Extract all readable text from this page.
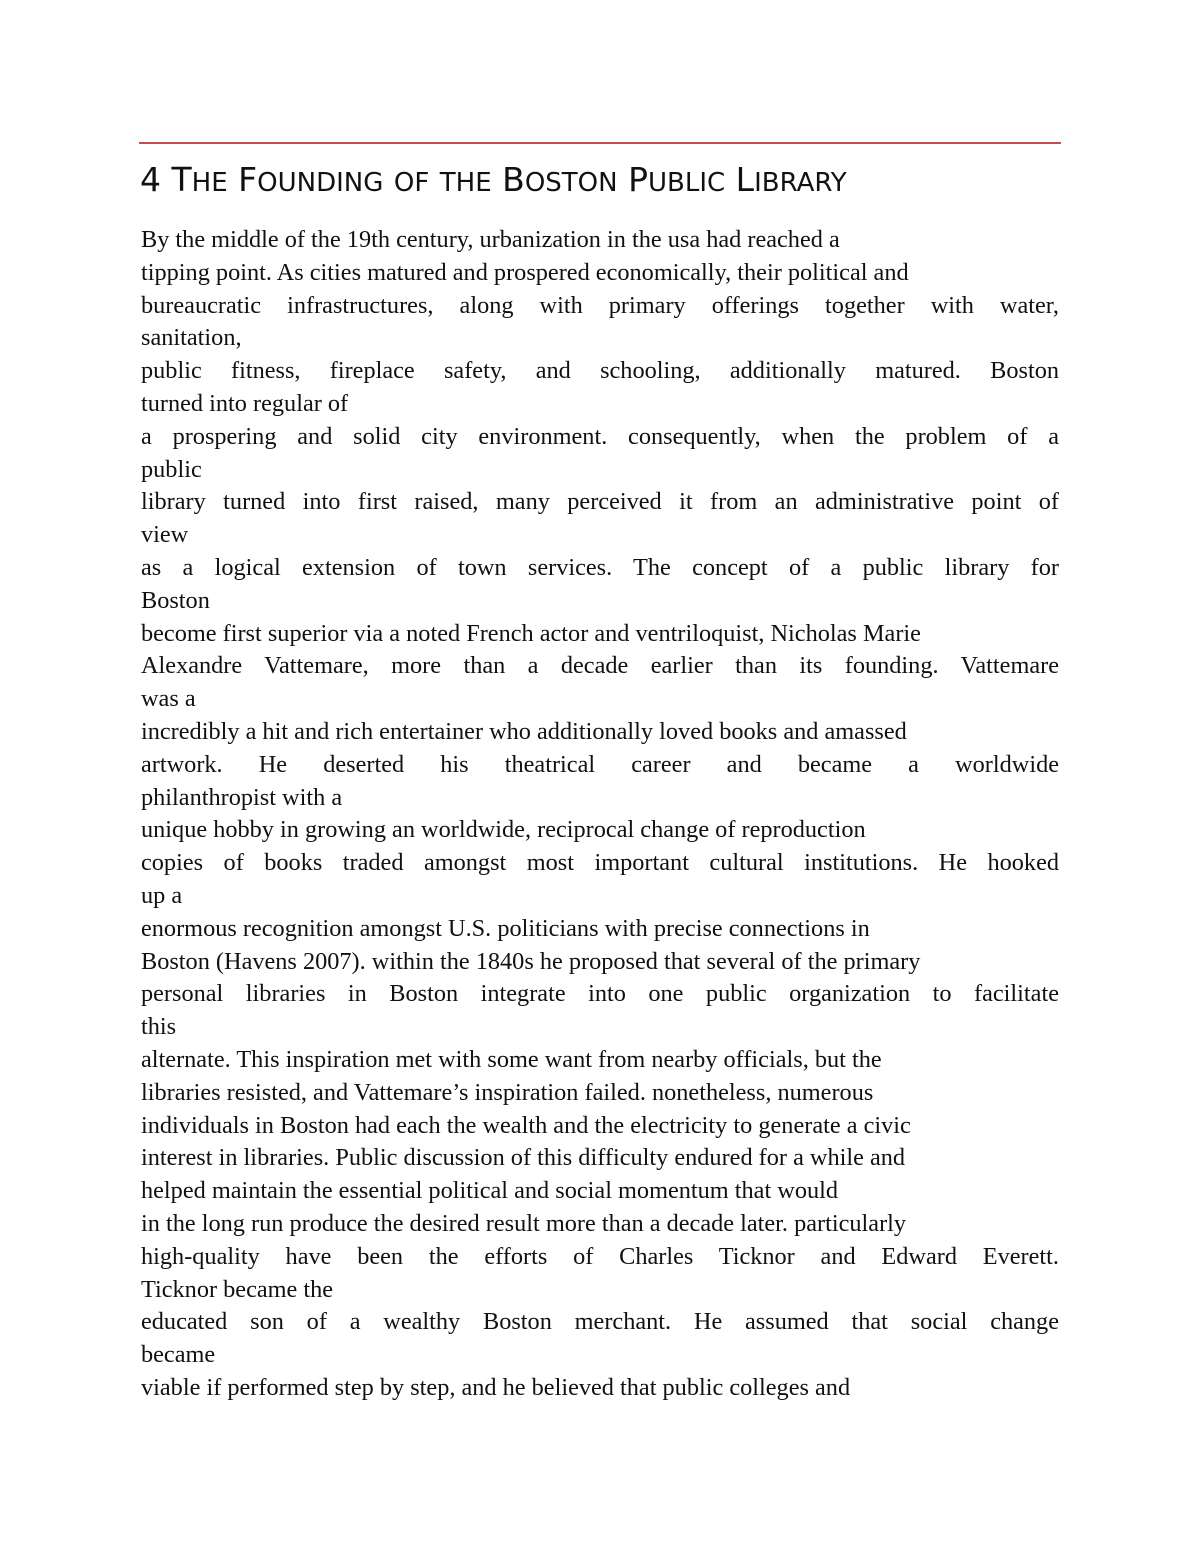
4 THE FOUNDING OF THE BOSTON PUBLIC LIBRARY
By the middle of the 19th century, urbanization in the usa had reached a
tipping point. As cities matured and prospered economically, their political and
bureaucratic infrastructures, along with primary offerings together with water,
sanitation,
public fitness, fireplace safety, and schooling, additionally matured. Boston
turned into regular of
a prospering and solid city environment. consequently, when the problem of a
public
library turned into first raised, many perceived it from an administrative point of
view
as a logical extension of town services. The concept of a public library for
Boston
become first superior via a noted French actor and ventriloquist, Nicholas Marie
Alexandre Vattemare, more than a decade earlier than its founding. Vattemare
was a
incredibly a hit and rich entertainer who additionally loved books and amassed
artwork. He deserted his theatrical career and became a worldwide
philanthropist with a
unique hobby in growing an worldwide, reciprocal change of reproduction
copies of books traded amongst most important cultural institutions. He hooked
up a
enormous recognition amongst U.S. politicians with precise connections in
Boston (Havens 2007). within the 1840s he proposed that several of the primary
personal libraries in Boston integrate into one public organization to facilitate
this
alternate. This inspiration met with some want from nearby officials, but the
libraries resisted, and Vattemare’s inspiration failed. nonetheless, numerous
individuals in Boston had each the wealth and the electricity to generate a civic
interest in libraries. Public discussion of this difficulty endured for a while and
helped maintain the essential political and social momentum that would
in the long run produce the desired result more than a decade later. particularly
high-quality have been the efforts of Charles Ticknor and Edward Everett.
Ticknor became the
educated son of a wealthy Boston merchant. He assumed that social change
became
viable if performed step by step, and he believed that public colleges and
